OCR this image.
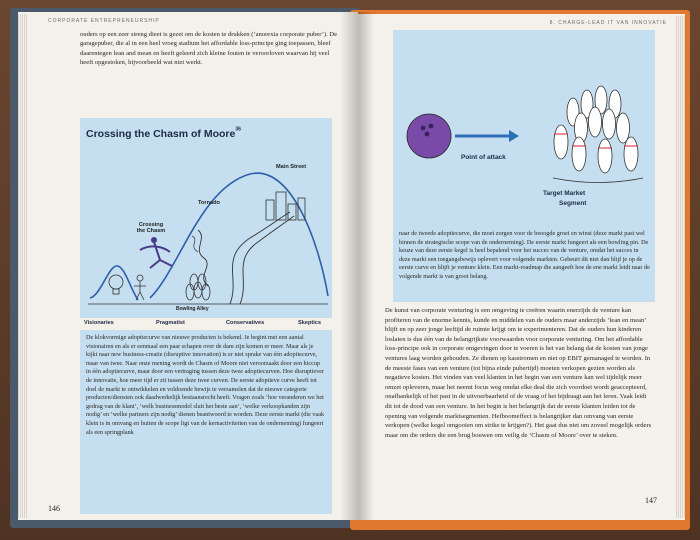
CORPORATE ENTREPRENEURSHIP
ouders op een zeer streng dieet is gezet om de kosten te drukken (‘anorexia corporate puber’). De garagepuber, die al in een heel vroeg stadium het affordable loss-principe ging toepassen, bleef daarentegen lean and mean en heeft geleerd zich kleine fouten te veroorloven waarvan hij veel heeft opgestoken, hijvoorbeeld wat niet werkt.
Crossing the Chasm of Moore$^{36}$
Main Street
Tornado
Crossing the Chasm
Bowling Alley
Visionaries	Pragmatist	Conservatives	Skeptics
De klokvormige adoptiecurve van nieuwe producten is bekend. Je begint met een aantal visionairen en als er eenmaal een paar schapen over de dam zijn komen er meer. Maar als je kijkt naar new business-creatie (disruptive innovation) is er niet sprake van één adoptiecurve, maar van twee. Naar onze mening wordt de Chasm of Moore niet veroorzaakt door een hiccup in één adoptiecurve, maar door een vertraging tussen deze twee adoptiecurven. Hoe disruptiever de innovatie, hoe meer tijd er zit tussen deze twee curven. De eerste adoptieve curve heeft tot doel de markt te ontwikkelen en voldoende bewijs te verzamelen dat de nieuwe categorie producten/diensten ook daadwerkelijk bestaansrecht heeft. Vragen zoals ‘hoe veranderen we het gedrag van de klant’, ‘welk businessmodel sluit het beste aan’, ‘welke verkoopkanden zijn nodig’ en ‘welke partners zijn nodig’ dienen beantwoord te worden. Deze eerste markt (die vaak klein is in omvang en buiten de scope ligt van de kernactiviteiten van de onderneming) fungeert als een springplank
146
8. CHARGE-LEAD IT VAN INNOVATIE
Point of attack
Target Market
Segment
naar de tweede adoptiecurve, die moet zorgen voor de beoogde groei en winst (deze markt past wel binnen de strategische scope van de onderneming). De eerste markt fungeert als een bowling pin. De keuze van deze eerste kegel is heel bepalend voor het succes van de venture, omdat het succes in deze markt een toegangsbewijs oplevert voor volgende markten. Gebeurt dit niet dan blijf je op de eerste curve en blijft je venture klein. Een markt-roadmap die aangeeft hoe de ene markt leidt naar de volgende markt is van groot belang.
De kunst van corporate venturing is een omgeving te creëren waarin enerzijds de venture kan profiteren van de enorme kennis, kunde en middelen van de ouders maar anderzijds ‘lean en mean’ blijft en op zeer jonge leeftijd de ruimte krijgt om te experimenteren. Dat de ouders hun kinderen loslaten is dus één van de belangrijkste voorwaarden voor corporate venturing. Om het affordable loss-principe ook in corporate omgevingen door te voeren is het van belang dat de kosten van jonge ventures laag worden gehouden. Ze dienen op kasstromen en niet op EBIT gemanaged te worden. In de meeste fases van een venture (tot bijna einde pubertijd) moeten verkopen gezien worden als negatieve kosten. Het vinden van veel klanten in het begin van een venture kan wel tijdelijk meer omzet opleveren, maar het neemt focus weg omdat elke deal die zich voordoet wordt geaccepteerd, onafhankelijk of het past in de uitvoerbaarheid of de vraag of het bijdraagt aan het leren. Vaak leidt dit tot de dood van een venture. In het begin is het belangrijk dat de eerste klanten leiden tot de opening van volgende marktsegmenten. Hefboomeffect is belangrijker dan omvang van eerste verkopen (welke kegel omgooien om strike te krijgen?). Het gaat dus niet om zoveel mogelijk orders maar om die orders die een brug bouwen om veilig de ‘Chasm of Moore’ over te steken.
147
